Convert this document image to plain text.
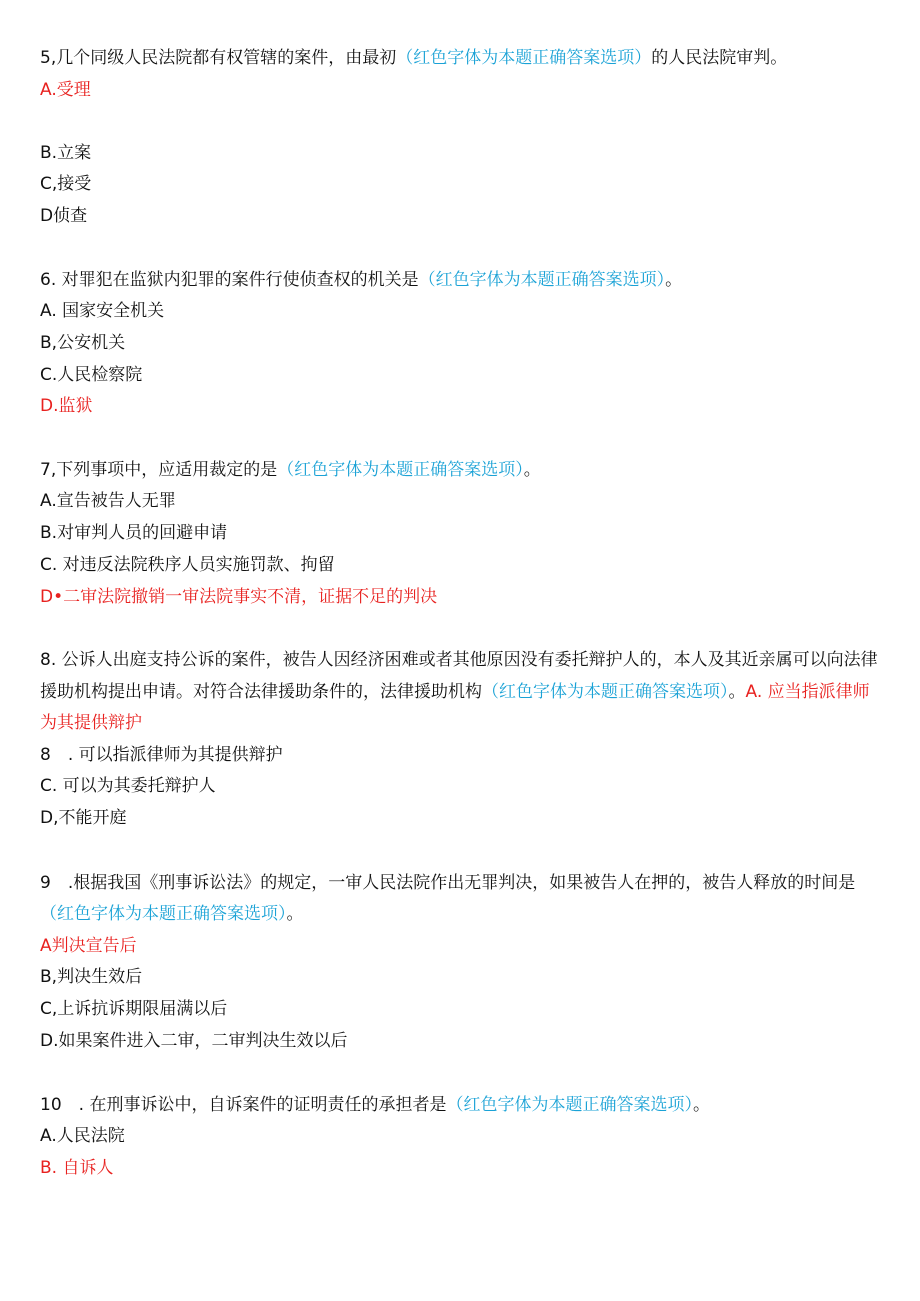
5,几个同级人民法院都有权管辖的案件，由最初（红色字体为本题正确答案选项）的人民法院审判。
A.受理
B.立案
C,接受
D侦查
6. 对罪犯在监狱内犯罪的案件行使侦查权的机关是（红色字体为本题正确答案选项）。
A. 国家安全机关
B,公安机关
C.人民检察院
D.监狱
7,下列事项中，应适用裁定的是（红色字体为本题正确答案选项）。
A.宣告被告人无罪
B.对审判人员的回避申请
C. 对违反法院秩序人员实施罚款、拘留
D•二审法院撤销一审法院事实不清，证据不足的判决
8. 公诉人出庭支持公诉的案件，被告人因经济困难或者其他原因没有委托辩护人的，本人及其近亲属可以向法律
援助机构提出申请。对符合法律援助条件的，法律援助机构（红色字体为本题正确答案选项）。A. 应当指派律师
为其提供辩护
8　. 可以指派律师为其提供辩护
C. 可以为其委托辩护人
D,不能开庭
9　.根据我国《刑事诉讼法》的规定，一审人民法院作出无罪判决，如果被告人在押的，被告人释放的时间是
（红色字体为本题正确答案选项）。
A判决宣告后
B,判决生效后
C,上诉抗诉期限届满以后
D.如果案件进入二审，二审判决生效以后
10　. 在刑事诉讼中，自诉案件的证明责任的承担者是（红色字体为本题正确答案选项）。
A.人民法院
B. 自诉人
